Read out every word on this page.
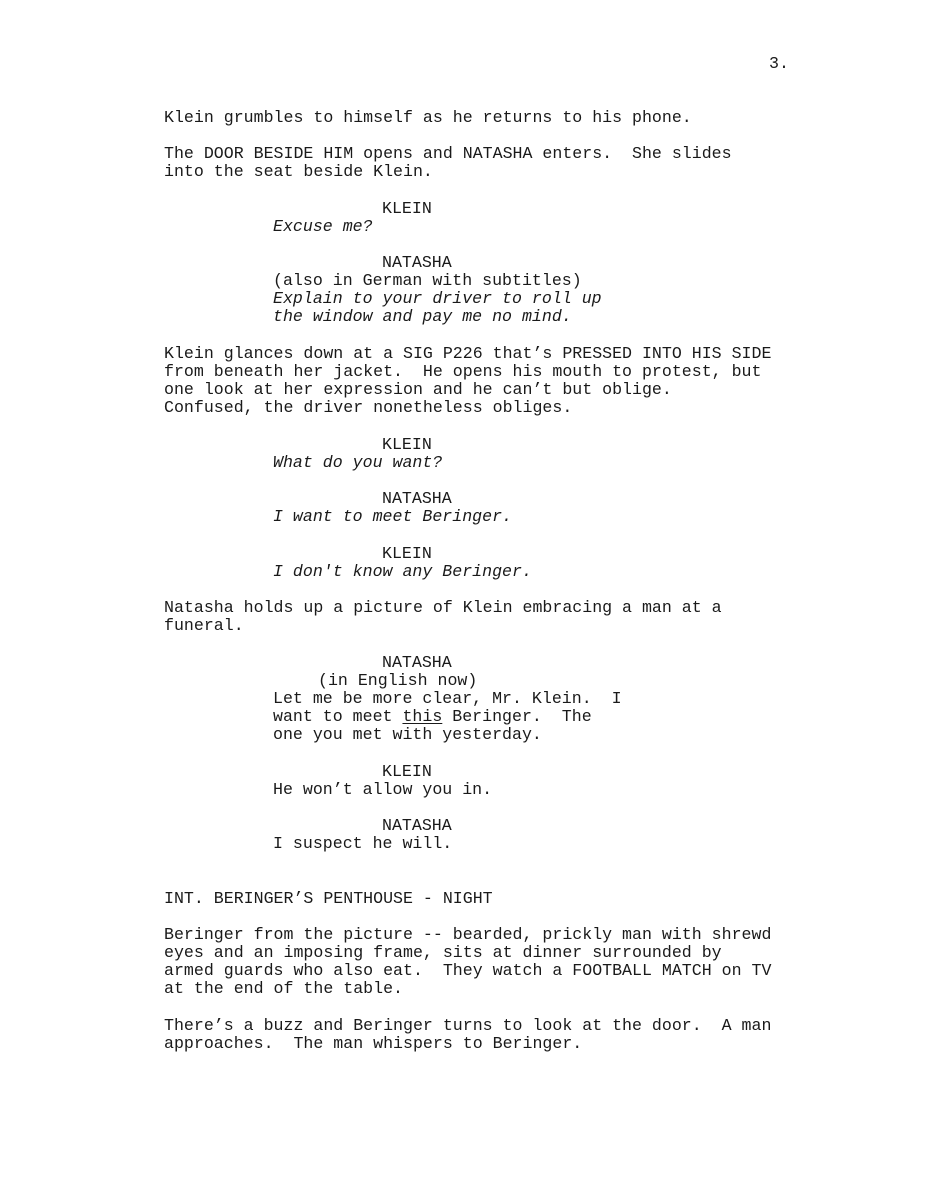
3.
Klein grumbles to himself as he returns to his phone.
The DOOR BESIDE HIM opens and NATASHA enters.  She slides
into the seat beside Klein.
KLEIN
Excuse me?
NATASHA
(also in German with subtitles)
Explain to your driver to roll up
the window and pay me no mind.
Klein glances down at a SIG P226 that’s PRESSED INTO HIS SIDE
from beneath her jacket.  He opens his mouth to protest, but
one look at her expression and he can’t but oblige.
Confused, the driver nonetheless obliges.
KLEIN
What do you want?
NATASHA
I want to meet Beringer.
KLEIN
I don't know any Beringer.
Natasha holds up a picture of Klein embracing a man at a
funeral.
NATASHA
(in English now)
Let me be more clear, Mr. Klein.  I
want to meet this Beringer.  The
one you met with yesterday.
KLEIN
He won’t allow you in.
NATASHA
I suspect he will.
INT. BERINGER’S PENTHOUSE - NIGHT
Beringer from the picture -- bearded, prickly man with shrewd
eyes and an imposing frame, sits at dinner surrounded by
armed guards who also eat.  They watch a FOOTBALL MATCH on TV
at the end of the table.
There’s a buzz and Beringer turns to look at the door.  A man
approaches.  The man whispers to Beringer.
